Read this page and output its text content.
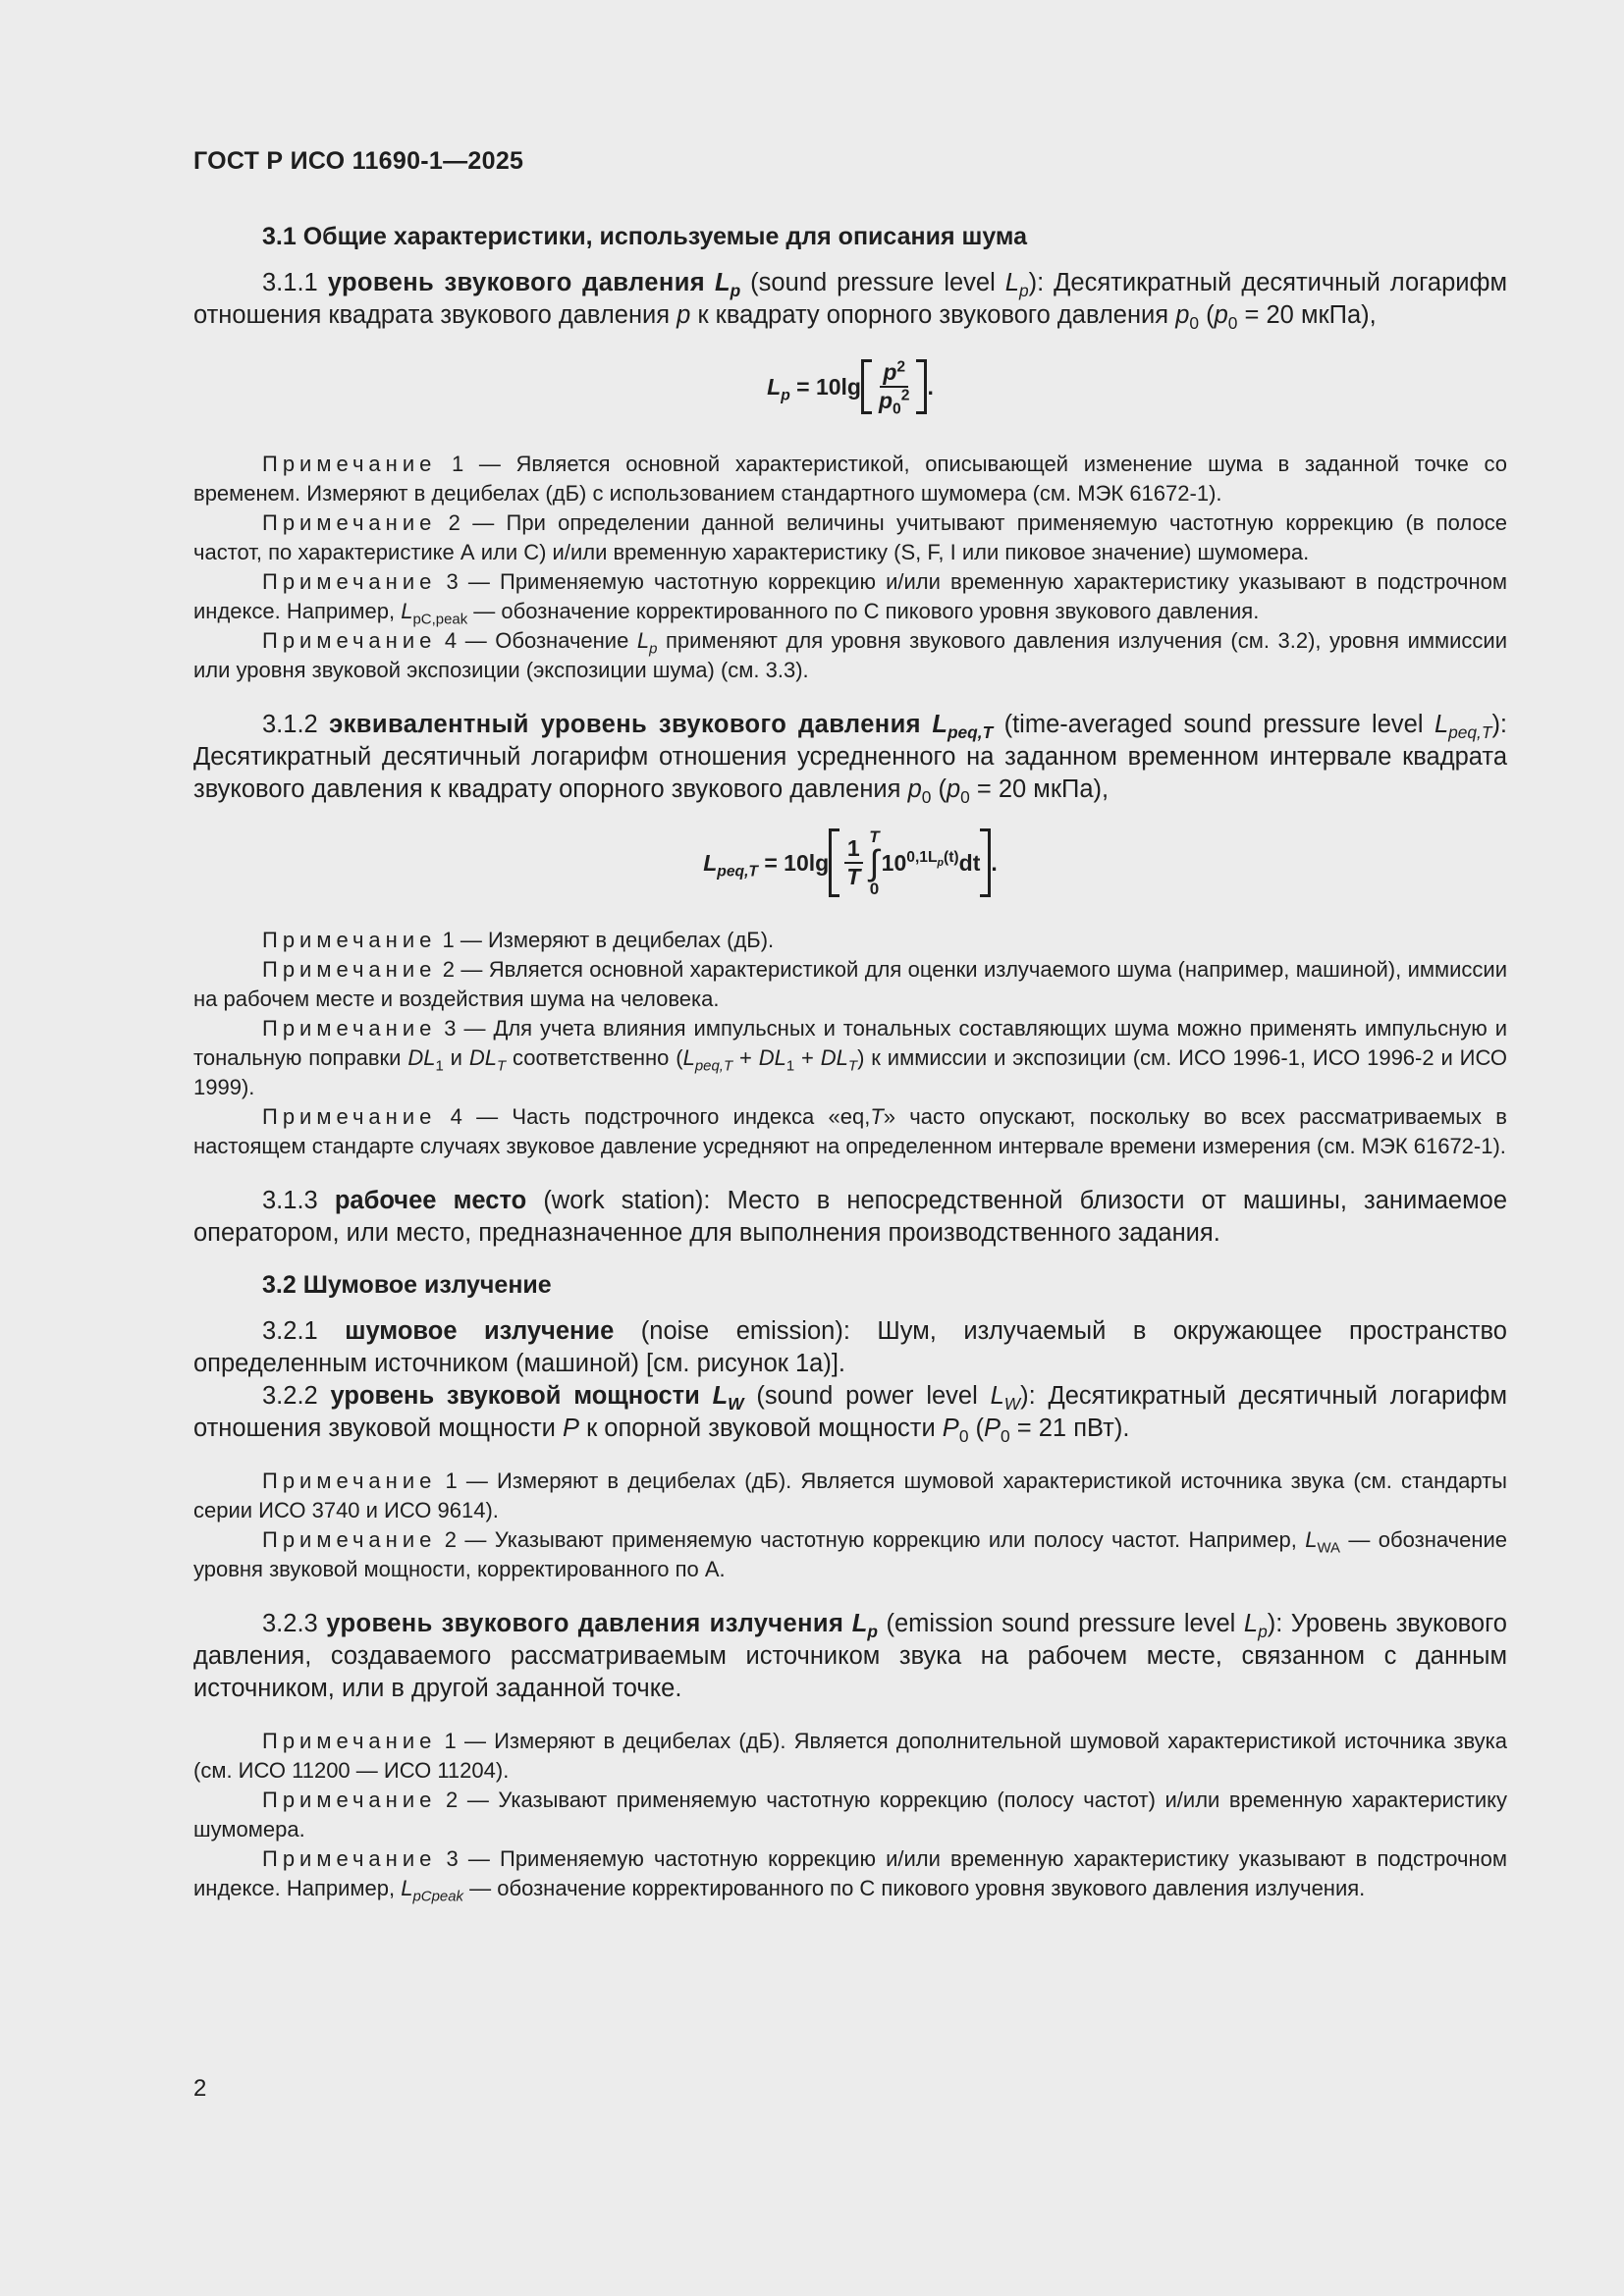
ГОСТ Р ИСО 11690-1—2025
3.1 Общие характеристики, используемые для описания шума

3.1.1 уровень звукового давления $L_p$ (sound pressure level $L_p$): Десятикратный десятичный логарифм отношения квадрата звукового давления p к квадрату опорного звукового давления $p_0$ ($p_0 = 20$ мкПа),

$L_p = 10\lg \frac{p^2}{p_0^2}$ .

Примечание 1 — Является основной характеристикой, описывающей изменение шума в заданной точке со временем. Измеряют в децибелах (дБ) с использованием стандартного шумомера (см. МЭК 61672-1).

Примечание 2 — При определении данной величины учитывают применяемую частотную коррекцию (в полосе частот, по характеристике А или С) и/или временную характеристику (S, F, I или пиковое значение) шумомера.

Примечание 3 — Применяемую частотную коррекцию и/или временную характеристику указывают в подстрочном индексе. Например, $L_{pC,peak}$ — обозначение корректированного по С пикового уровня звукового давления.

Примечание 4 — Обозначение $L_p$ применяют для уровня звукового давления излучения (см. 3.2), уровня иммиссии или уровня звуковой экспозиции (экспозиции шума) (см. 3.3).

3.1.2 эквивалентный уровень звукового давления $L_{peq,T}$ (time-averaged sound pressure level $L_{peq,T}$): Десятикратный десятичный логарифм отношения усредненного на заданном временном интервале квадрата звукового давления к квадрату опорного звукового давления $p_0$ ($p_0 = 20$ мкПа),

$L_{peq,T} = 10\lg \frac{1}{T}$ T
∫
0
$10^{0,1L_p(t)}dt$ .

Примечание 1 — Измеряют в децибелах (дБ).

Примечание 2 — Является основной характеристикой для оценки излучаемого шума (например, машиной), иммиссии на рабочем месте и воздействия шума на человека.

Примечание 3 — Для учета влияния импульсных и тональных составляющих шума можно применять импульсную и тональную поправки $DL_1$ и $DL_T$ соответственно $(L_{peq,T} + DL_1 + DL_T)$ к иммиссии и экспозиции (см. ИСО 1996-1, ИСО 1996-2 и ИСО 1999).

Примечание 4 — Часть подстрочного индекса «eq,T» часто опускают, поскольку во всех рассматриваемых в настоящем стандарте случаях звуковое давление усредняют на определенном интервале времени измерения (см. МЭК 61672-1).

3.1.3 рабочее место (work station): Место в непосредственной близости от машины, занимаемое оператором, или место, предназначенное для выполнения производственного задания.

3.2 Шумовое излучение

3.2.1 шумовое излучение (noise emission): Шум, излучаемый в окружающее пространство определенным источником (машиной) [см. рисунок 1а)].

3.2.2 уровень звуковой мощности $L_W$ (sound power level $L_W$): Десятикратный десятичный логарифм отношения звуковой мощности P к опорной звуковой мощности $P_0$ ($P_0 = 21$ пВт).

Примечание 1 — Измеряют в децибелах (дБ). Является шумовой характеристикой источника звука (см. стандарты серии ИСО 3740 и ИСО 9614).

Примечание 2 — Указывают применяемую частотную коррекцию или полосу частот. Например, $L_{WA}$ — обозначение уровня звуковой мощности, корректированного по А.

3.2.3 уровень звукового давления излучения $L_p$ (emission sound pressure level $L_p$): Уровень звукового давления, создаваемого рассматриваемым источником звука на рабочем месте, связанном с данным источником, или в другой заданной точке.

Примечание 1 — Измеряют в децибелах (дБ). Является дополнительной шумовой характеристикой источника звука (см. ИСО 11200 — ИСО 11204).

Примечание 2 — Указывают применяемую частотную коррекцию (полосу частот) и/или временную характеристику шумомера.

Примечание 3 — Применяемую частотную коррекцию и/или временную характеристику указывают в подстрочном индексе. Например, $L_{pCpeak}$ — обозначение корректированного по С пикового уровня звукового давления излучения.

2
